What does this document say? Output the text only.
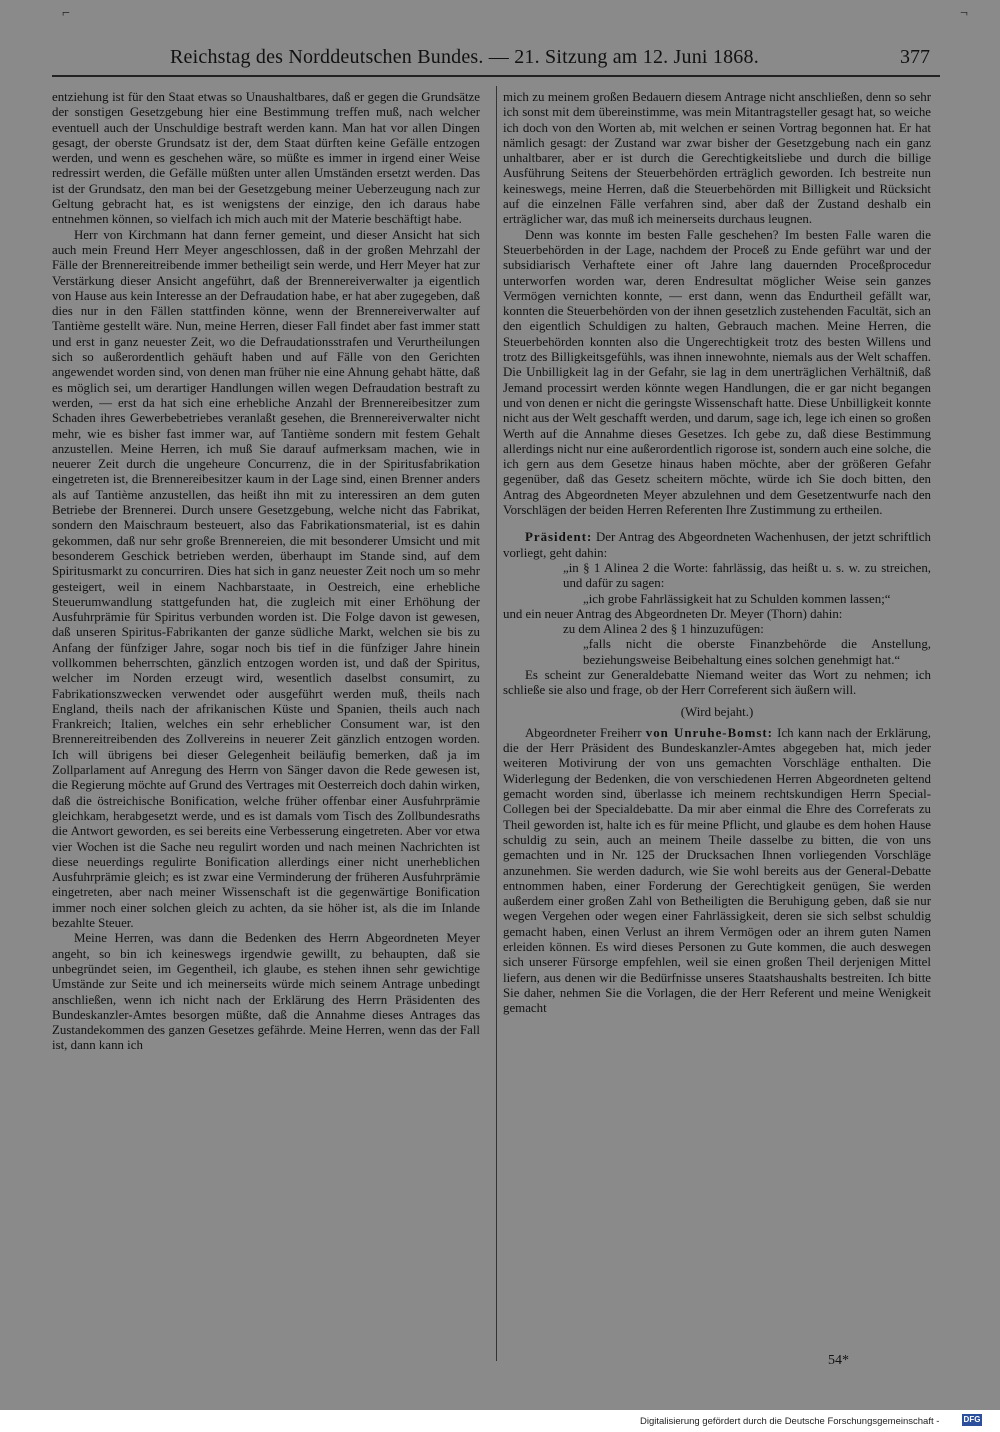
⌐	¬
Reichstag des Norddeutschen Bundes. — 21. Sitzung am 12. Juni 1868.	377

entziehung ist für den Staat etwas so Unaushaltbares, daß er gegen die Grundsätze der sonstigen Gesetzgebung hier eine Bestimmung treffen muß, nach welcher eventuell auch der Unschuldige bestraft werden kann. Man hat vor allen Dingen gesagt, der oberste Grundsatz ist der, dem Staat dürften keine Gefälle entzogen werden, und wenn es geschehen wäre, so müßte es immer in irgend einer Weise redressirt werden, die Gefälle müßten unter allen Umständen ersetzt werden. Das ist der Grundsatz, den man bei der Gesetzgebung meiner Ueberzeugung nach zur Geltung gebracht hat, es ist wenigstens der einzige, den ich daraus habe entnehmen können, so vielfach ich mich auch mit der Materie beschäftigt habe.

Herr von Kirchmann hat dann ferner gemeint, und dieser Ansicht hat sich auch mein Freund Herr Meyer angeschlossen, daß in der großen Mehrzahl der Fälle der Brennereitreibende immer betheiligt sein werde, und Herr Meyer hat zur Verstärkung dieser Ansicht angeführt, daß der Brennereiverwalter ja eigentlich von Hause aus kein Interesse an der Defraudation habe, er hat aber zugegeben, daß dies nur in den Fällen stattfinden könne, wenn der Brennereiverwalter auf Tantième gestellt wäre. Nun, meine Herren, dieser Fall findet aber fast immer statt und erst in ganz neuester Zeit, wo die Defraudationsstrafen und Verurtheilungen sich so außerordentlich gehäuft haben und auf Fälle von den Gerichten angewendet worden sind, von denen man früher nie eine Ahnung gehabt hätte, daß es möglich sei, um derartiger Handlungen willen wegen Defraudation bestraft zu werden, — erst da hat sich eine erhebliche Anzahl der Brennereibesitzer zum Schaden ihres Gewerbebetriebes veranlaßt gesehen, die Brennereiverwalter nicht mehr, wie es bisher fast immer war, auf Tantième sondern mit festem Gehalt anzustellen. Meine Herren, ich muß Sie darauf aufmerksam machen, wie in neuerer Zeit durch die ungeheure Concurrenz, die in der Spiritusfabrikation eingetreten ist, die Brennereibesitzer kaum in der Lage sind, einen Brenner anders als auf Tantième anzustellen, das heißt ihn mit zu interessiren an dem guten Betriebe der Brennerei. Durch unsere Gesetzgebung, welche nicht das Fabrikat, sondern den Maischraum besteuert, also das Fabrikationsmaterial, ist es dahin gekommen, daß nur sehr große Brennereien, die mit besonderer Umsicht und mit besonderem Geschick betrieben werden, überhaupt im Stande sind, auf dem Spiritusmarkt zu concurriren. Dies hat sich in ganz neuester Zeit noch um so mehr gesteigert, weil in einem Nachbarstaate, in Oestreich, eine erhebliche Steuerumwandlung stattgefunden hat, die zugleich mit einer Erhöhung der Ausfuhrprämie für Spiritus verbunden worden ist. Die Folge davon ist gewesen, daß unseren Spiritus-Fabrikanten der ganze südliche Markt, welchen sie bis zu Anfang der fünfziger Jahre, sogar noch bis tief in die fünfziger Jahre hinein vollkommen beherrschten, gänzlich entzogen worden ist, und daß der Spiritus, welcher im Norden erzeugt wird, wesentlich daselbst consumirt, zu Fabrikationszwecken verwendet oder ausgeführt werden muß, theils nach England, theils nach der afrikanischen Küste und Spanien, theils auch nach Frankreich; Italien, welches ein sehr erheblicher Consument war, ist den Brennereitreibenden des Zollvereins in neuerer Zeit gänzlich entzogen worden. Ich will übrigens bei dieser Gelegenheit beiläufig bemerken, daß ja im Zollparlament auf Anregung des Herrn von Sänger davon die Rede gewesen ist, die Regierung möchte auf Grund des Vertrages mit Oesterreich doch dahin wirken, daß die östreichische Bonification, welche früher offenbar einer Ausfuhrprämie gleichkam, herabgesetzt werde, und es ist damals vom Tisch des Zollbundesraths die Antwort geworden, es sei bereits eine Verbesserung eingetreten. Aber vor etwa vier Wochen ist die Sache neu regulirt worden und nach meinen Nachrichten ist diese neuerdings regulirte Bonification allerdings einer nicht unerheblichen Ausfuhrprämie gleich; es ist zwar eine Verminderung der früheren Ausfuhrprämie eingetreten, aber nach meiner Wissenschaft ist die gegenwärtige Bonification immer noch einer solchen gleich zu achten, da sie höher ist, als die im Inlande bezahlte Steuer.

Meine Herren, was dann die Bedenken des Herrn Abgeordneten Meyer angeht, so bin ich keineswegs irgendwie gewillt, zu behaupten, daß sie unbegründet seien, im Gegentheil, ich glaube, es stehen ihnen sehr gewichtige Umstände zur Seite und ich meinerseits würde mich seinem Antrage unbedingt anschließen, wenn ich nicht nach der Erklärung des Herrn Präsidenten des Bundeskanzler-Amtes besorgen müßte, daß die Annahme dieses Antrages das Zustandekommen des ganzen Gesetzes gefährde. Meine Herren, wenn das der Fall ist, dann kann ich

mich zu meinem großen Bedauern diesem Antrage nicht anschließen, denn so sehr ich sonst mit dem übereinstimme, was mein Mitantragsteller gesagt hat, so weiche ich doch von den Worten ab, mit welchen er seinen Vortrag begonnen hat. Er hat nämlich gesagt: der Zustand war zwar bisher der Gesetzgebung nach ein ganz unhaltbarer, aber er ist durch die Gerechtigkeitsliebe und durch die billige Ausführung Seitens der Steuerbehörden erträglich geworden. Ich bestreite nun keineswegs, meine Herren, daß die Steuerbehörden mit Billigkeit und Rücksicht auf die einzelnen Fälle verfahren sind, aber daß der Zustand deshalb ein erträglicher war, das muß ich meinerseits durchaus leugnen.

Denn was konnte im besten Falle geschehen? Im besten Falle waren die Steuerbehörden in der Lage, nachdem der Proceß zu Ende geführt war und der subsidiarisch Verhaftete einer oft Jahre lang dauernden Proceßprocedur unterworfen worden war, deren Endresultat möglicher Weise sein ganzes Vermögen vernichten konnte, — erst dann, wenn das Endurtheil gefällt war, konnten die Steuerbehörden von der ihnen gesetzlich zustehenden Facultät, sich an den eigentlich Schuldigen zu halten, Gebrauch machen. Meine Herren, die Steuerbehörden konnten also die Ungerechtigkeit trotz des besten Willens und trotz des Billigkeitsgefühls, was ihnen innewohnte, niemals aus der Welt schaffen. Die Unbilligkeit lag in der Gefahr, sie lag in dem unerträglichen Verhältniß, daß Jemand processirt werden könnte wegen Handlungen, die er gar nicht begangen und von denen er nicht die geringste Wissenschaft hatte. Diese Unbilligkeit konnte nicht aus der Welt geschafft werden, und darum, sage ich, lege ich einen so großen Werth auf die Annahme dieses Gesetzes. Ich gebe zu, daß diese Bestimmung allerdings nicht nur eine außerordentlich rigorose ist, sondern auch eine solche, die ich gern aus dem Gesetze hinaus haben möchte, aber der größeren Gefahr gegenüber, daß das Gesetz scheitern möchte, würde ich Sie doch bitten, den Antrag des Abgeordneten Meyer abzulehnen und dem Gesetzentwurfe nach den Vorschlägen der beiden Herren Referenten Ihre Zustimmung zu ertheilen.

Präsident: Der Antrag des Abgeordneten Wachenhusen, der jetzt schriftlich vorliegt, geht dahin:

„in § 1 Alinea 2 die Worte: fahrlässig, das heißt u. s. w. zu streichen, und dafür zu sagen:

„ich grobe Fahrlässigkeit hat zu Schulden kommen lassen;“

und ein neuer Antrag des Abgeordneten Dr. Meyer (Thorn) dahin:

zu dem Alinea 2 des § 1 hinzuzufügen:

„falls nicht die oberste Finanzbehörde die Anstellung, beziehungsweise Beibehaltung eines solchen genehmigt hat.“

Es scheint zur Generaldebatte Niemand weiter das Wort zu nehmen; ich schließe sie also und frage, ob der Herr Correferent sich äußern will.

(Wird bejaht.)

Abgeordneter Freiherr von Unruhe-Bomst: Ich kann nach der Erklärung, die der Herr Präsident des Bundeskanzler-Amtes abgegeben hat, mich jeder weiteren Motivirung der von uns gemachten Vorschläge enthalten. Die Widerlegung der Bedenken, die von verschiedenen Herren Abgeordneten geltend gemacht worden sind, überlasse ich meinem rechtskundigen Herrn Special-Collegen bei der Specialdebatte. Da mir aber einmal die Ehre des Correferats zu Theil geworden ist, halte ich es für meine Pflicht, und glaube es dem hohen Hause schuldig zu sein, auch an meinem Theile dasselbe zu bitten, die von uns gemachten und in Nr. 125 der Drucksachen Ihnen vorliegenden Vorschläge anzunehmen. Sie werden dadurch, wie Sie wohl bereits aus der General-Debatte entnommen haben, einer Forderung der Gerechtigkeit genügen, Sie werden außerdem einer großen Zahl von Betheiligten die Beruhigung geben, daß sie nur wegen Vergehen oder wegen einer Fahrlässigkeit, deren sie sich selbst schuldig gemacht haben, einen Verlust an ihrem Vermögen oder an ihrem guten Namen erleiden können. Es wird dieses Personen zu Gute kommen, die auch deswegen sich unserer Fürsorge empfehlen, weil sie einen großen Theil derjenigen Mittel liefern, aus denen wir die Bedürfnisse unseres Staatshaushalts bestreiten. Ich bitte Sie daher, nehmen Sie die Vorlagen, die der Herr Referent und meine Wenigkeit gemacht

54*
Digitalisierung gefördert durch die Deutsche Forschungsgemeinschaft -	DFG
